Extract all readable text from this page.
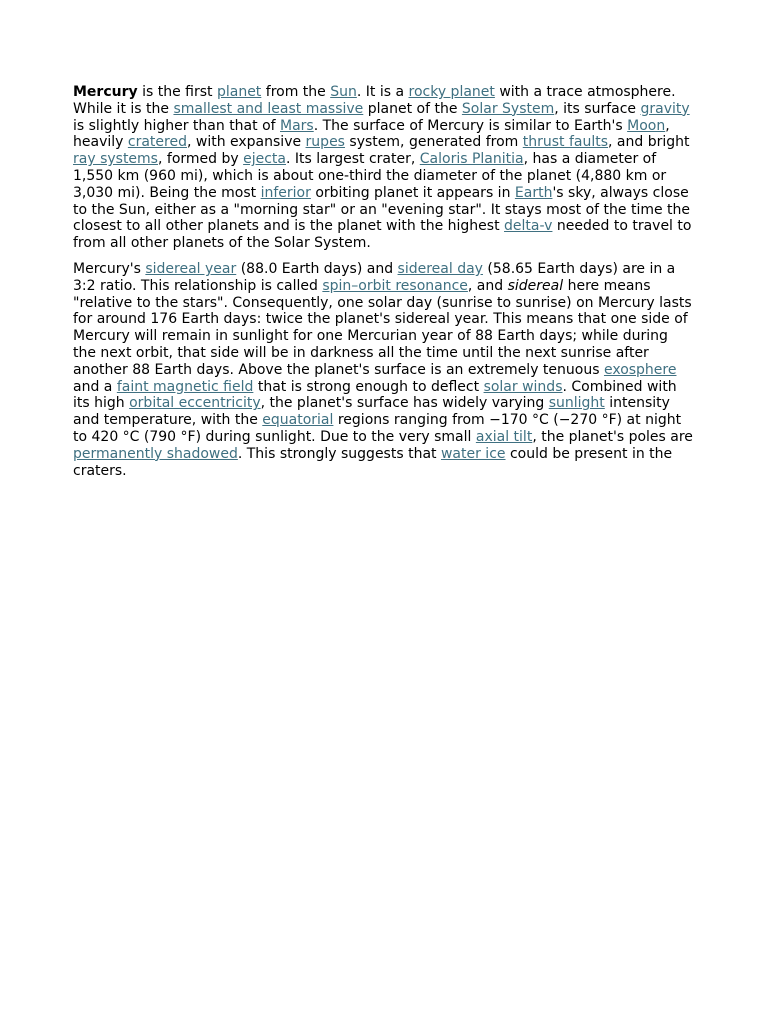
Mercury is the first planet from the Sun. It is a rocky planet with a trace atmosphere. While it is the smallest and least massive planet of the Solar System, its surface gravity is slightly higher than that of Mars. The surface of Mercury is similar to Earth's Moon, heavily cratered, with expansive rupes system, generated from thrust faults, and bright ray systems, formed by ejecta. Its largest crater, Caloris Planitia, has a diameter of 1,550 km (960 mi), which is about one-third the diameter of the planet (4,880 km or 3,030 mi). Being the most inferior orbiting planet it appears in Earth's sky, always close to the Sun, either as a "morning star" or an "evening star". It stays most of the time the closest to all other planets and is the planet with the highest delta-v needed to travel to from all other planets of the Solar System.

Mercury's sidereal year (88.0 Earth days) and sidereal day (58.65 Earth days) are in a 3:2 ratio. This relationship is called spin–orbit resonance, and sidereal here means "relative to the stars". Consequently, one solar day (sunrise to sunrise) on Mercury lasts for around 176 Earth days: twice the planet's sidereal year. This means that one side of Mercury will remain in sunlight for one Mercurian year of 88 Earth days; while during the next orbit, that side will be in darkness all the time until the next sunrise after another 88 Earth days. Above the planet's surface is an extremely tenuous exosphere and a faint magnetic field that is strong enough to deflect solar winds. Combined with its high orbital eccentricity, the planet's surface has widely varying sunlight intensity and temperature, with the equatorial regions ranging from −170 °C (−270 °F) at night to 420 °C (790 °F) during sunlight. Due to the very small axial tilt, the planet's poles are permanently shadowed. This strongly suggests that water ice could be present in the craters.
